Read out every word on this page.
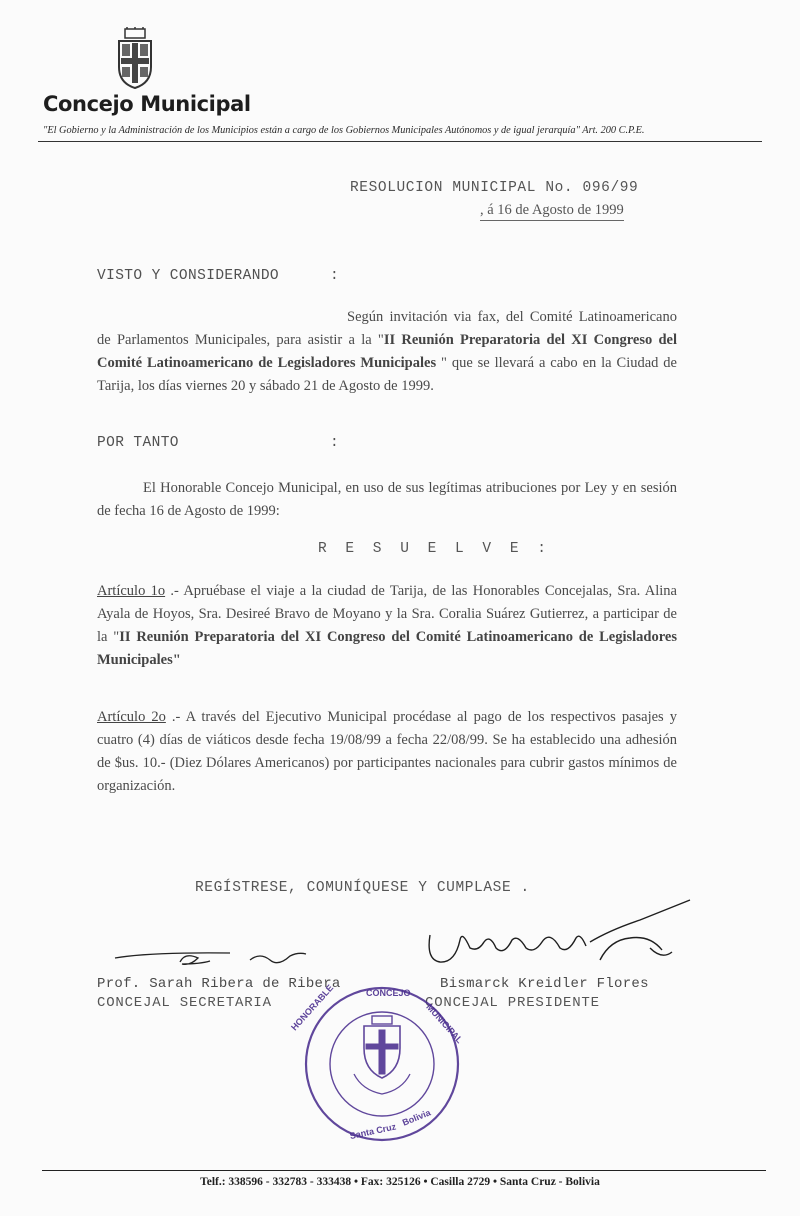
Concejo Municipal
"El Gobierno y la Administración de los Municipios están a cargo de los Gobiernos Municipales Autónomos y de igual jerarquía" Art. 200 C.P.E.
RESOLUCION MUNICIPAL No. 096/99
, á 16 de Agosto de 1999
VISTO Y CONSIDERANDO	:
Según invitación via fax, del Comité Latinoamericano de Parlamentos Municipales, para asistir a la "II Reunión Preparatoria del XI Congreso del Comité Latinoamericano de Legisladores Municipales " que se llevará a cabo en la Ciudad de Tarija, los días viernes 20 y sábado 21 de Agosto de 1999.
POR TANTO	:
El Honorable Concejo Municipal, en uso de sus legítimas atribuciones por Ley y en sesión de fecha 16 de Agosto de 1999:
R E S U E L V E :
Artículo 1o .- Apruébase el viaje a la ciudad de Tarija, de las Honorables Concejalas, Sra. Alina Ayala de Hoyos, Sra. Desireé Bravo de Moyano y la Sra. Coralia Suárez Gutierrez, a participar de la "II Reunión Preparatoria del XI Congreso del Comité Latinoamericano de Legisladores Municipales"
Artículo 2o .- A través del Ejecutivo Municipal procédase al pago de los respectivos pasajes y cuatro (4) días de viáticos desde fecha 19/08/99 a fecha 22/08/99. Se ha establecido una adhesión de $us. 10.- (Diez Dólares Americanos) por participantes nacionales para cubrir gastos mínimos de organización.
REGÍSTRESE, COMUNÍQUESE Y CUMPLASE .
Prof. Sarah Ribera de Ribera
CONCEJAL SECRETARIA
Bismarck Kreidler Flores
CONCEJAL PRESIDENTE
HONORABLE	CONCEJO
MUNICIPAL
Santa Cruz
Bolivia
Telf.: 338596 - 332783 - 333438 • Fax: 325126 • Casilla 2729 • Santa Cruz - Bolivia
